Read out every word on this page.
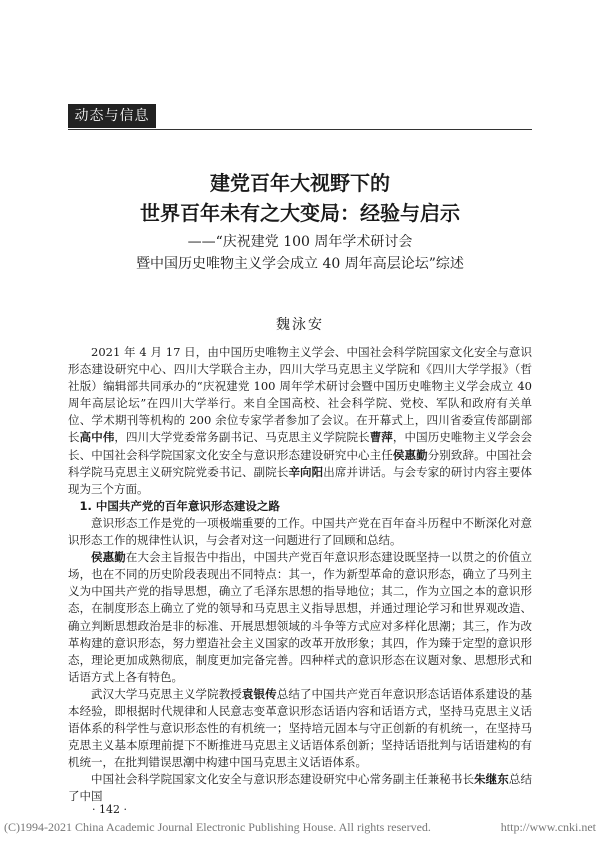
动态与信息
建党百年大视野下的
世界百年未有之大变局：经验与启示
——“庆祝建党 100 周年学术研讨会
暨中国历史唯物主义学会成立 40 周年高层论坛”综述
魏泳安

2021 年 4 月 17 日，由中国历史唯物主义学会、中国社会科学院国家文化安全与意识形态建设研究中心、四川大学联合主办，四川大学马克思主义学院和《四川大学学报》（哲社版）编辑部共同承办的“庆祝建党 100 周年学术研讨会暨中国历史唯物主义学会成立 40 周年高层论坛”在四川大学举行。来自全国高校、社会科学院、党校、军队和政府有关单位、学术期刊等机构的 200 余位专家学者参加了会议。在开幕式上，四川省委宣传部副部长高中伟，四川大学党委常务副书记、马克思主义学院院长曹萍，中国历史唯物主义学会会长、中国社会科学院国家文化安全与意识形态建设研究中心主任侯惠勤分别致辞。中国社会科学院马克思主义研究院党委书记、副院长辛向阳出席并讲话。与会专家的研讨内容主要体现为三个方面。

1. 中国共产党的百年意识形态建设之路

意识形态工作是党的一项极端重要的工作。中国共产党在百年奋斗历程中不断深化对意识形态工作的规律性认识，与会者对这一问题进行了回顾和总结。

侯惠勤在大会主旨报告中指出，中国共产党百年意识形态建设既坚持一以贯之的价值立场，也在不同的历史阶段表现出不同特点：其一，作为新型革命的意识形态，确立了马列主义为中国共产党的指导思想，确立了毛泽东思想的指导地位；其二，作为立国之本的意识形态，在制度形态上确立了党的领导和马克思主义指导思想，并通过理论学习和世界观改造、确立判断思想政治是非的标准、开展思想领域的斗争等方式应对多样化思潮；其三，作为改革构建的意识形态，努力塑造社会主义国家的改革开放形象；其四，作为臻于定型的意识形态，理论更加成熟彻底，制度更加完备完善。四种样式的意识形态在议题对象、思想形式和话语方式上各有特色。

武汉大学马克思主义学院教授袁银传总结了中国共产党百年意识形态话语体系建设的基本经验，即根据时代规律和人民意志变革意识形态话语内容和话语方式，坚持马克思主义话语体系的科学性与意识形态性的有机统一；坚持培元固本与守正创新的有机统一，在坚持马克思主义基本原理前提下不断推进马克思主义话语体系创新；坚持话语批判与话语建构的有机统一，在批判错误思潮中构建中国马克思主义话语体系。

中国社会科学院国家文化安全与意识形态建设研究中心常务副主任兼秘书长朱继东总结了中国

· 142 ·
(C)1994-2021 China Academic Journal Electronic Publishing House. All rights reserved.	http://www.cnki.net
